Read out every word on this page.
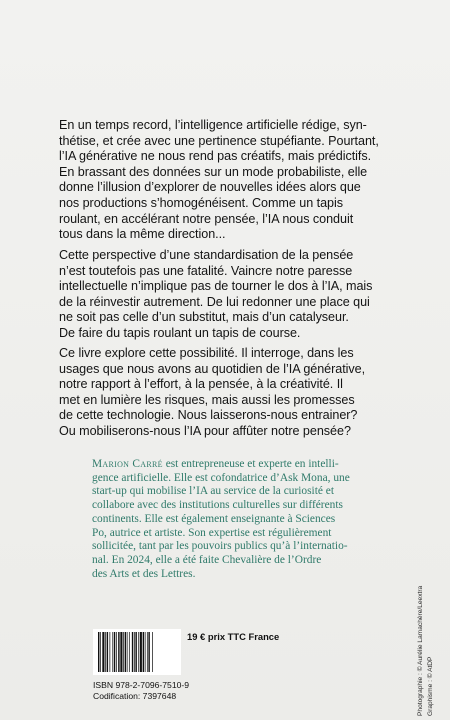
En un temps record, l’intelligence artificielle rédige, syn-

thétise, et crée avec une pertinence stupéfiante. Pourtant,

l’IA générative ne nous rend pas créatifs, mais prédictifs.

En brassant des données sur un mode probabiliste, elle

donne l’illusion d’explorer de nouvelles idées alors que

nos productions s’homogénéisent. Comme un tapis

roulant, en accélérant notre pensée, l’IA nous conduit

tous dans la même direction...

Cette perspective d’une standardisation de la pensée

n’est toutefois pas une fatalité. Vaincre notre paresse

intellectuelle n’implique pas de tourner le dos à l’IA, mais

de la réinvestir autrement. De lui redonner une place qui

ne soit pas celle d’un substitut, mais d’un catalyseur.

De faire du tapis roulant un tapis de course.

Ce livre explore cette possibilité. Il interroge, dans les

usages que nous avons au quotidien de l’IA générative,

notre rapport à l’effort, à la pensée, à la créativité. Il

met en lumière les risques, mais aussi les promesses

de cette technologie. Nous laisserons-nous entrainer?

Ou mobiliserons-nous l’IA pour affûter notre pensée?

Marion Carré est entrepreneuse et experte en intelli-
gence artificielle. Elle est cofondatrice d’Ask Mona, une
start-up qui mobilise l’IA au service de la curiosité et
collabore avec des institutions culturelles sur différents
continents. Elle est également enseignante à Sciences
Po, autrice et artiste. Son expertise est régulièrement
sollicitée, tant par les pouvoirs publics qu’à l’internatio-
nal. En 2024, elle a été faite Chevalière de l’Ordre
des Arts et des Lettres.
Photographie : © Aurélie Lamachère/Leextra Graphisme : © AtDP
19 € prix TTC France
ISBN 978-2-7096-7510-9
Codification: 7397648
